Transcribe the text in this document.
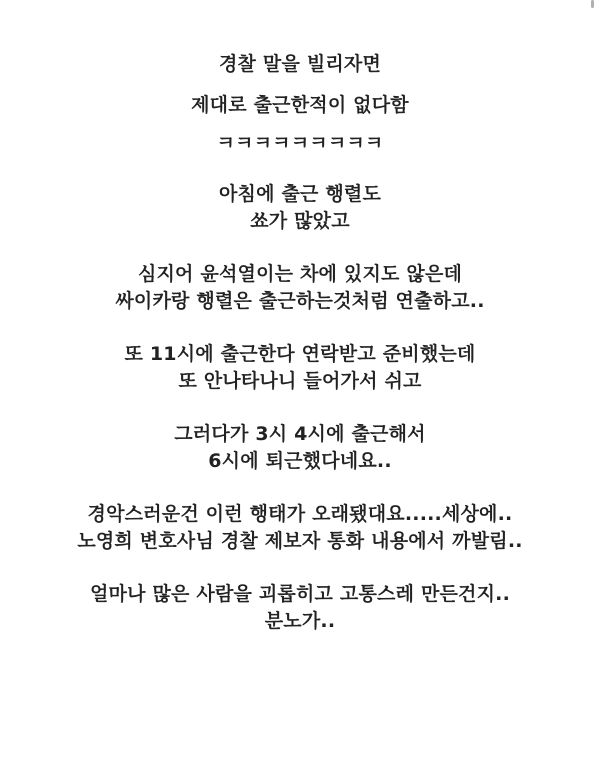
경찰 말을 빌리자면

제대로 출근한적이 없다함

ㅋㅋㅋㅋㅋㅋㅋㅋㅋ

아침에 출근 행렬도
쑈가 많았고

심지어 윤석열이는 차에 있지도 않은데
싸이카랑 행렬은 출근하는것처럼 연출하고..

또 11시에 출근한다 연락받고 준비했는데
또 안나타나니 들어가서 쉬고

그러다가 3시 4시에 출근해서
6시에 퇴근했다네요..

경악스러운건 이런 행태가 오래됐대요.....세상에..
노영희 변호사님 경찰 제보자 통화 내용에서 까발림..

얼마나 많은 사람을 괴롭히고 고통스레 만든건지..
분노가..
